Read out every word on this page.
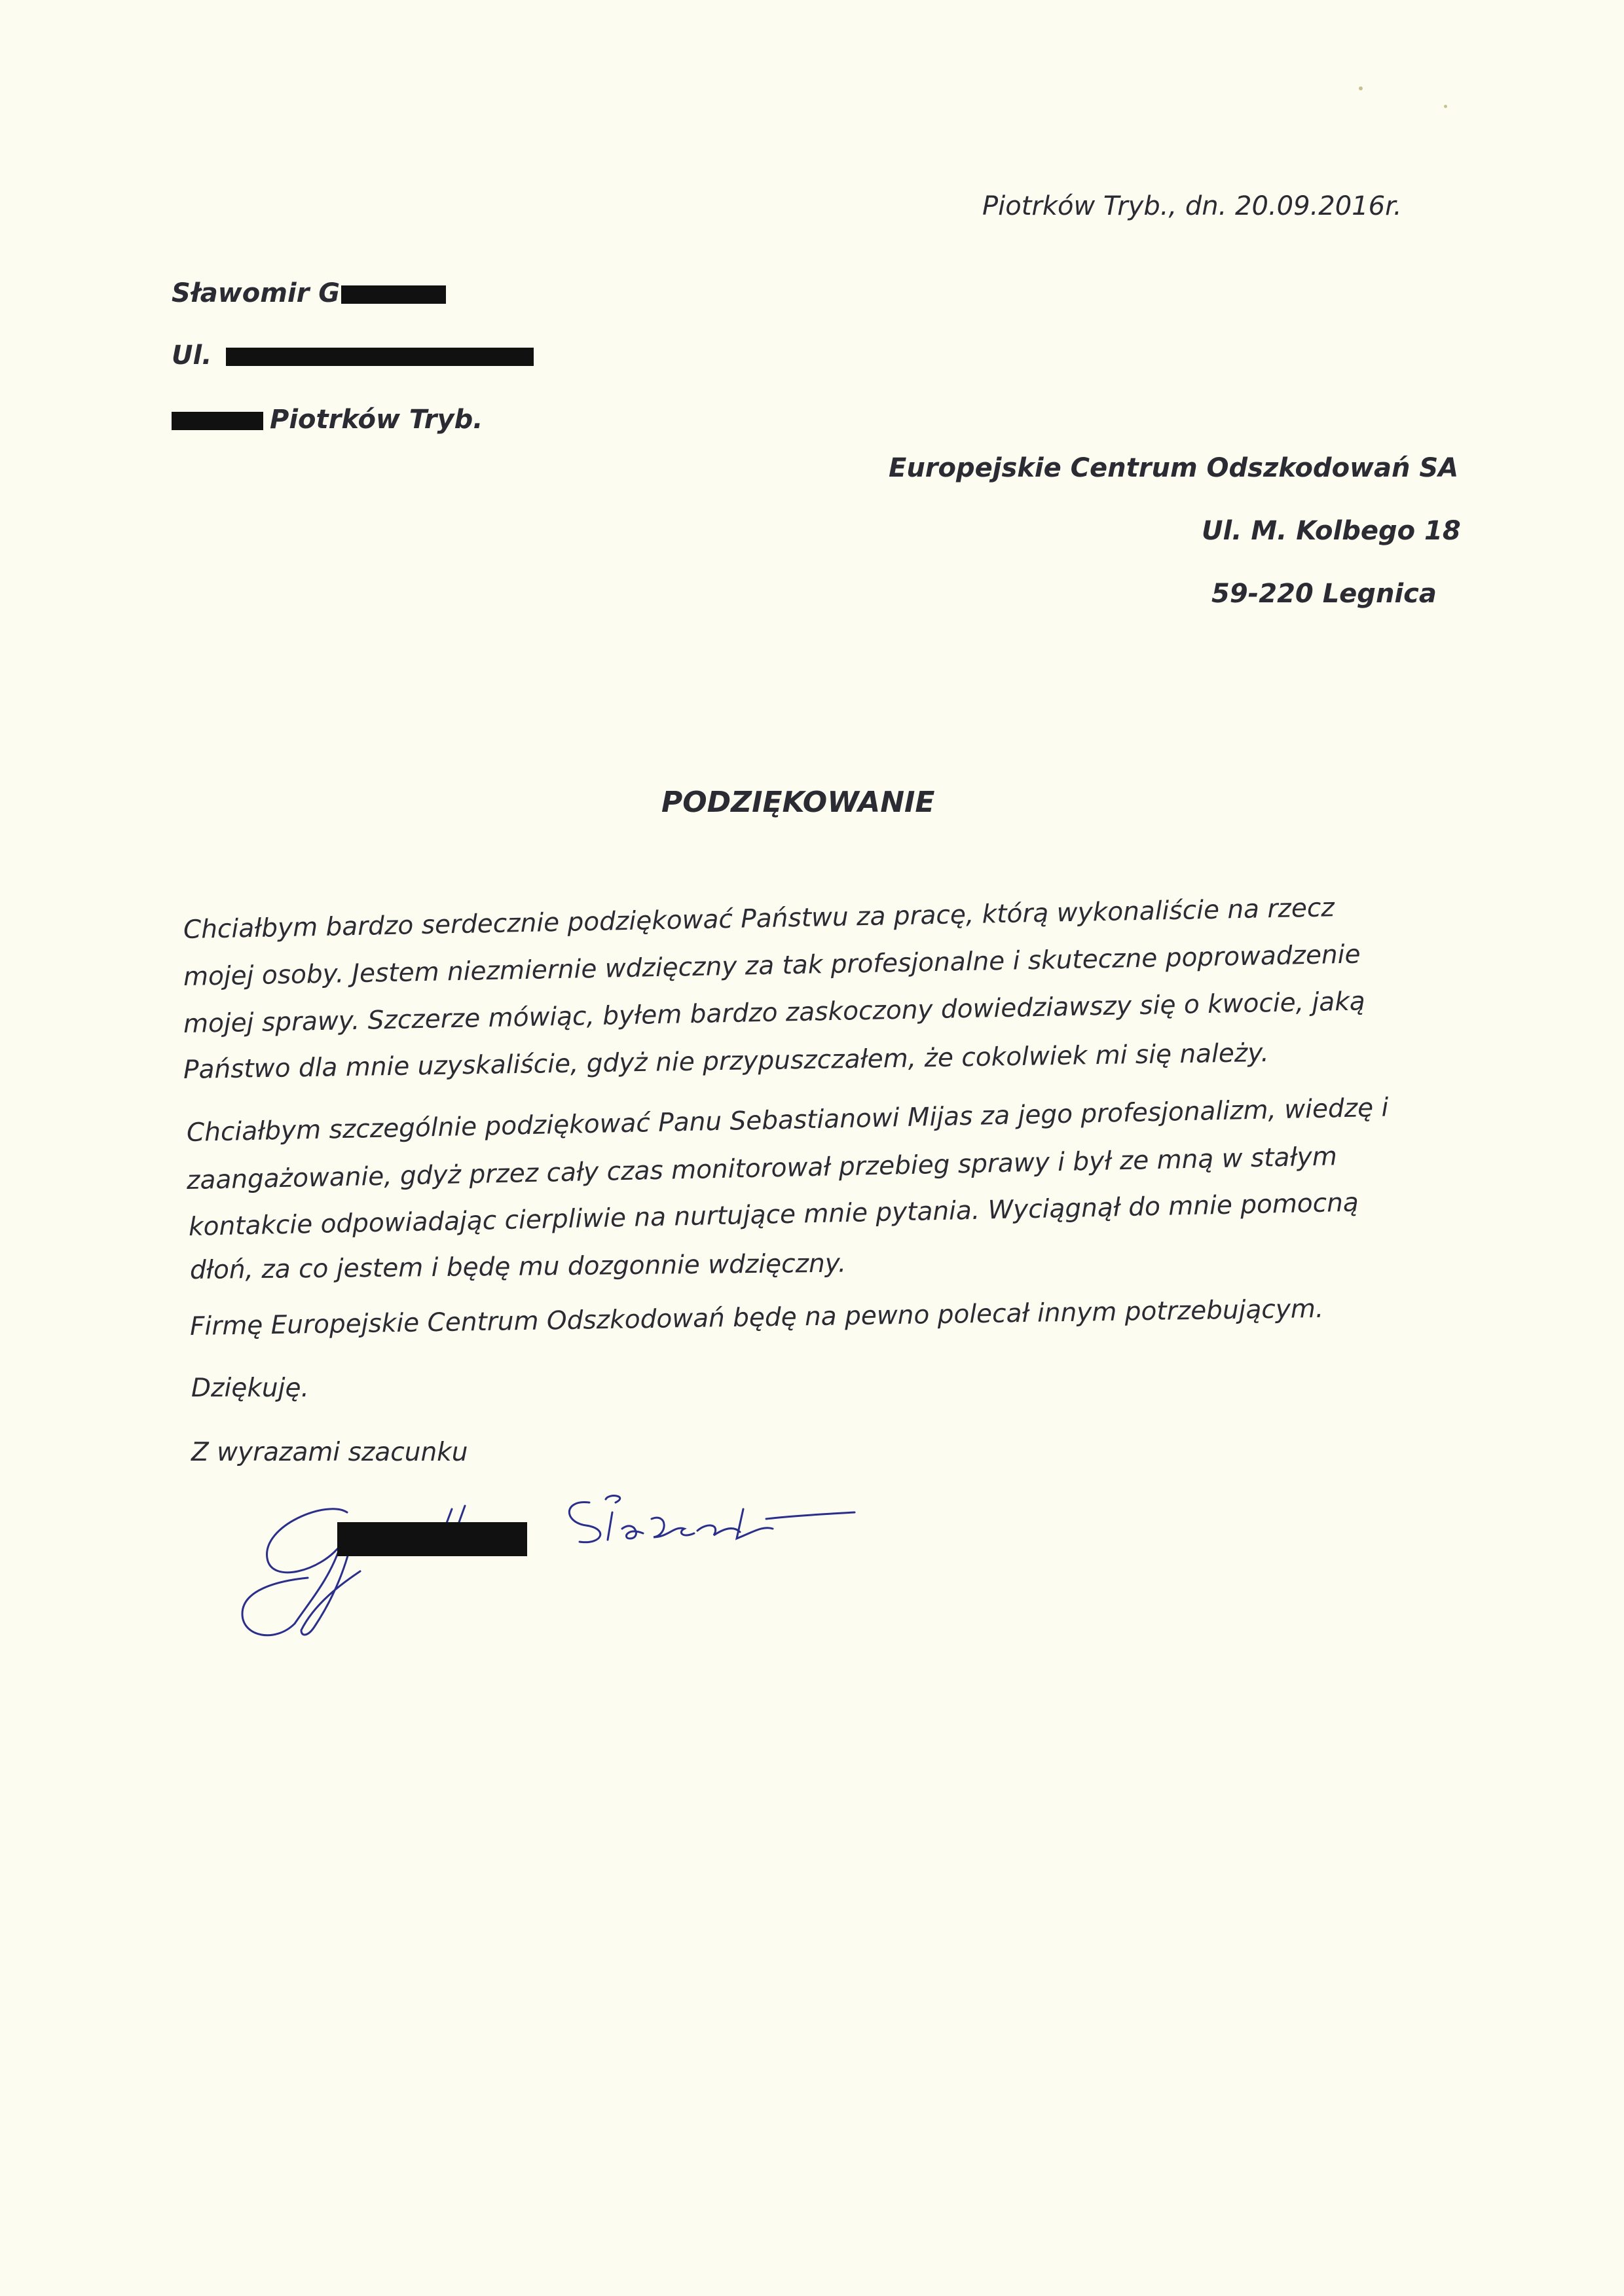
Piotrków Tryb., dn. 20.09.2016r.
Sławomir G
Ul.
Piotrków Tryb.
Europejskie Centrum Odszkodowań SA
Ul. M. Kolbego 18
59-220 Legnica
PODZIĘKOWANIE
Chciałbym bardzo serdecznie podziękować Państwu za pracę, którą wykonaliście na rzecz
mojej osoby. Jestem niezmiernie wdzięczny za tak profesjonalne i skuteczne poprowadzenie
mojej sprawy. Szczerze mówiąc, byłem bardzo zaskoczony dowiedziawszy się o kwocie, jaką
Państwo dla mnie uzyskaliście, gdyż nie przypuszczałem, że cokolwiek mi się należy.
Chciałbym szczególnie podziękować Panu Sebastianowi Mijas za jego profesjonalizm, wiedzę i
zaangażowanie, gdyż przez cały czas monitorował przebieg sprawy i był ze mną w stałym
kontakcie odpowiadając cierpliwie na nurtujące mnie pytania. Wyciągnął do mnie pomocną
dłoń, za co jestem i będę mu dozgonnie wdzięczny.
Firmę Europejskie Centrum Odszkodowań będę na pewno polecał innym potrzebującym.
Dziękuję.
Z wyrazami szacunku
